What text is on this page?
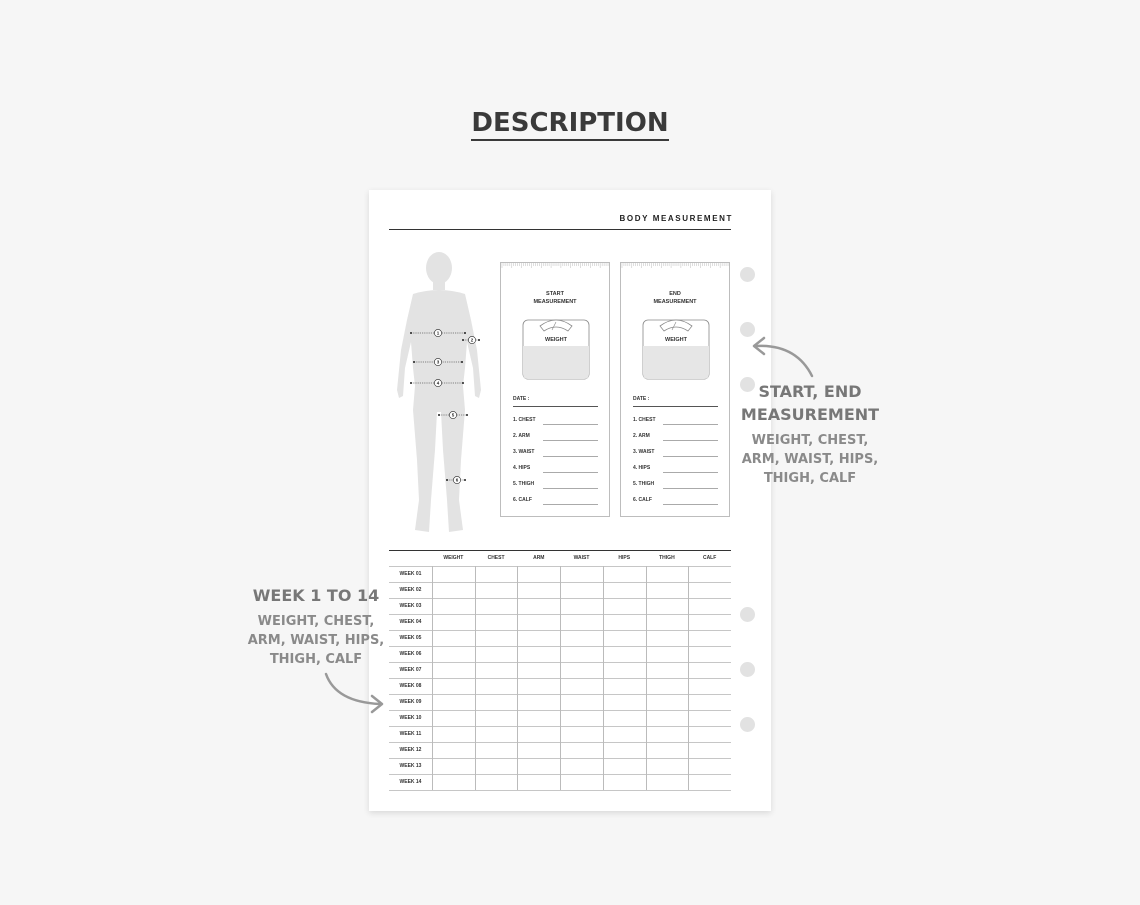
DESCRIPTION
BODY MEASUREMENT
1
2
3
4
5
6
START
MEASUREMENT
WEIGHT
DATE :
1. CHEST
2. ARM
3. WAIST
4. HIPS
5. THIGH
6. CALF
END
MEASUREMENT
WEIGHT
DATE :
1. CHEST
2. ARM
3. WAIST
4. HIPS
5. THIGH
6. CALF
WEIGHT	CHEST	ARM	WAIST	HIPS	THIGH	CALF
WEEK 01
WEEK 02
WEEK 03
WEEK 04
WEEK 05
WEEK 06
WEEK 07
WEEK 08
WEEK 09
WEEK 10
WEEK 11
WEEK 12
WEEK 13
WEEK 14
START, END
MEASUREMENT
WEIGHT, CHEST,
ARM, WAIST, HIPS,
THIGH, CALF
WEEK 1 TO 14
WEIGHT, CHEST,
ARM, WAIST, HIPS,
THIGH, CALF
